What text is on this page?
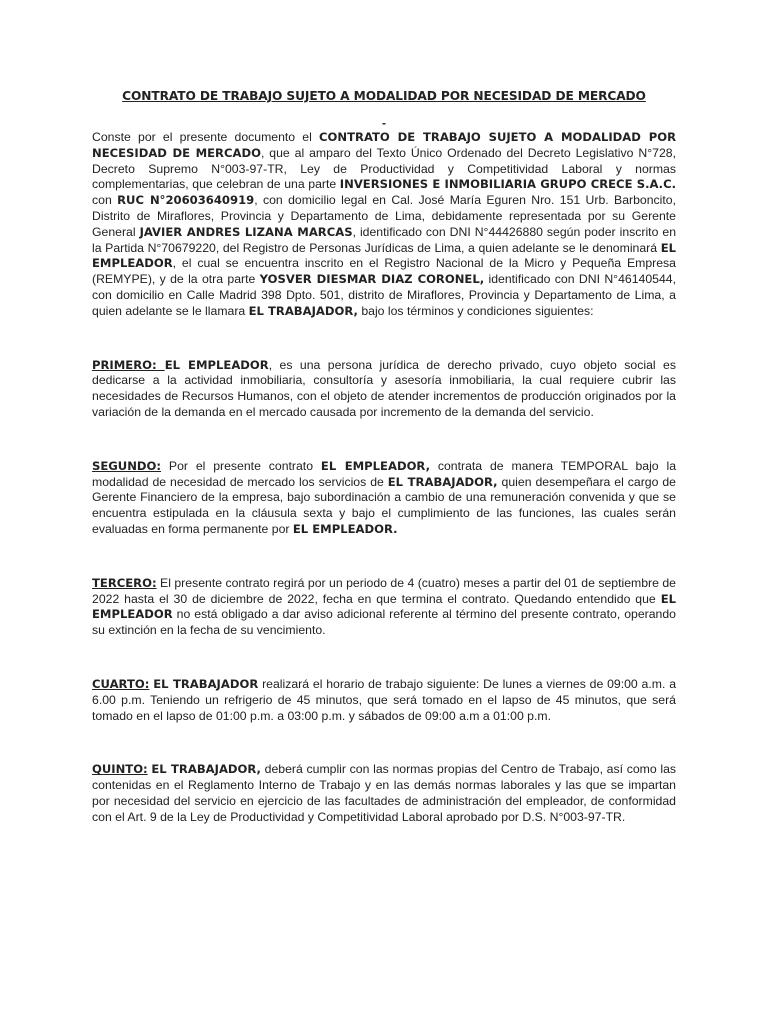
CONTRATO DE TRABAJO SUJETO A MODALIDAD POR NECESIDAD DE MERCADO
-

Conste por el presente documento el CONTRATO DE TRABAJO SUJETO A MODALIDAD POR NECESIDAD DE MERCADO, que al amparo del Texto Único Ordenado del Decreto Legislativo N°728, Decreto Supremo N°003-97-TR, Ley de Productividad y Competitividad Laboral y normas complementarias, que celebran de una parte INVERSIONES E INMOBILIARIA GRUPO CRECE S.A.C. con RUC N°20603640919, con domicilio legal en Cal. José María Eguren Nro. 151 Urb. Barboncito, Distrito de Miraflores, Provincia y Departamento de Lima, debidamente representada por su Gerente General JAVIER ANDRES LIZANA MARCAS, identificado con DNI N°44426880 según poder inscrito en la Partida N°70679220, del Registro de Personas Jurídicas de Lima, a quien adelante se le denominará EL EMPLEADOR, el cual se encuentra inscrito en el Registro Nacional de la Micro y Pequeña Empresa (REMYPE), y de la otra parte YOSVER DIESMAR DIAZ CORONEL, identificado con DNI N°46140544, con domicilio en Calle Madrid 398 Dpto. 501, distrito de Miraflores, Provincia y Departamento de Lima, a quien adelante se le llamara EL TRABAJADOR, bajo los términos y condiciones siguientes:

PRIMERO: EL EMPLEADOR, es una persona jurídica de derecho privado, cuyo objeto social es dedicarse a la actividad inmobiliaria, consultoría y asesoría inmobiliaria, la cual requiere cubrir las necesidades de Recursos Humanos, con el objeto de atender incrementos de producción originados por la variación de la demanda en el mercado causada por incremento de la demanda del servicio.

SEGUNDO: Por el presente contrato EL EMPLEADOR, contrata de manera TEMPORAL bajo la modalidad de necesidad de mercado los servicios de EL TRABAJADOR, quien desempeñara el cargo de Gerente Financiero de la empresa, bajo subordinación a cambio de una remuneración convenida y que se encuentra estipulada en la cláusula sexta y bajo el cumplimiento de las funciones, las cuales serán evaluadas en forma permanente por EL EMPLEADOR.

TERCERO: El presente contrato regirá por un periodo de 4 (cuatro) meses a partir del 01 de septiembre de 2022 hasta el 30 de diciembre de 2022, fecha en que termina el contrato. Quedando entendido que EL EMPLEADOR no está obligado a dar aviso adicional referente al término del presente contrato, operando su extinción en la fecha de su vencimiento.

CUARTO: EL TRABAJADOR realizará el horario de trabajo siguiente: De lunes a viernes de 09:00 a.m. a 6.00 p.m. Teniendo un refrigerio de 45 minutos, que será tomado en el lapso de 45 minutos, que será tomado en el lapso de 01:00 p.m. a 03:00 p.m. y sábados de 09:00 a.m a 01:00 p.m.

QUINTO: EL TRABAJADOR, deberá cumplir con las normas propias del Centro de Trabajo, así como las contenidas en el Reglamento Interno de Trabajo y en las demás normas laborales y las que se impartan por necesidad del servicio en ejercicio de las facultades de administración del empleador, de conformidad con el Art. 9 de la Ley de Productividad y Competitividad Laboral aprobado por D.S. N°003-97-TR.
